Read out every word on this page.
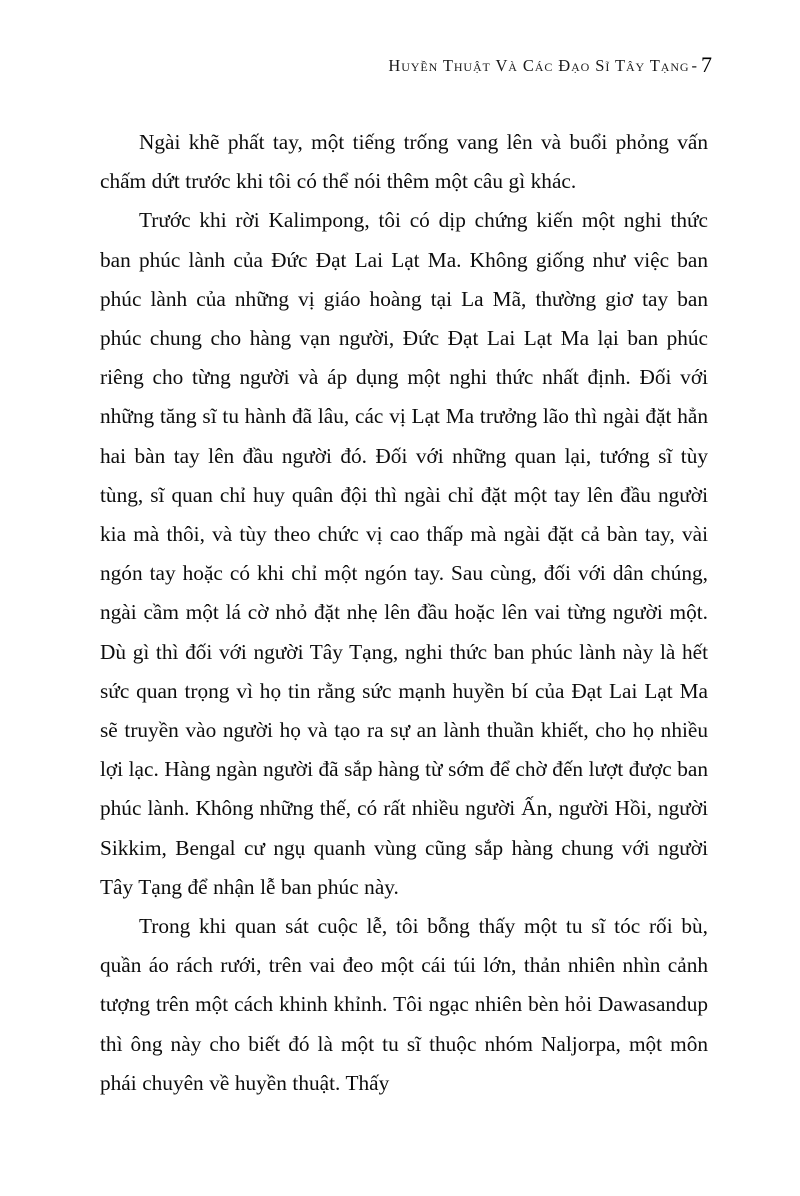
Huyền Thuật Và Các Đạo Sĩ Tây Tạng - 7

Ngài khẽ phất tay, một tiếng trống vang lên và buổi phỏng vấn chấm dứt trước khi tôi có thể nói thêm một câu gì khác.

Trước khi rời Kalimpong, tôi có dịp chứng kiến một nghi thức ban phúc lành của Đức Đạt Lai Lạt Ma. Không giống như việc ban phúc lành của những vị giáo hoàng tại La Mã, thường giơ tay ban phúc chung cho hàng vạn người, Đức Đạt Lai Lạt Ma lại ban phúc riêng cho từng người và áp dụng một nghi thức nhất định. Đối với những tăng sĩ tu hành đã lâu, các vị Lạt Ma trưởng lão thì ngài đặt hẳn hai bàn tay lên đầu người đó. Đối với những quan lại, tướng sĩ tùy tùng, sĩ quan chỉ huy quân đội thì ngài chỉ đặt một tay lên đầu người kia mà thôi, và tùy theo chức vị cao thấp mà ngài đặt cả bàn tay, vài ngón tay hoặc có khi chỉ một ngón tay. Sau cùng, đối với dân chúng, ngài cầm một lá cờ nhỏ đặt nhẹ lên đầu hoặc lên vai từng người một. Dù gì thì đối với người Tây Tạng, nghi thức ban phúc lành này là hết sức quan trọng vì họ tin rằng sức mạnh huyền bí của Đạt Lai Lạt Ma sẽ truyền vào người họ và tạo ra sự an lành thuần khiết, cho họ nhiều lợi lạc. Hàng ngàn người đã sắp hàng từ sớm để chờ đến lượt được ban phúc lành. Không những thế, có rất nhiều người Ấn, người Hồi, người Sikkim, Bengal cư ngụ quanh vùng cũng sắp hàng chung với người Tây Tạng để nhận lễ ban phúc này.

Trong khi quan sát cuộc lễ, tôi bỗng thấy một tu sĩ tóc rối bù, quần áo rách rưới, trên vai đeo một cái túi lớn, thản nhiên nhìn cảnh tượng trên một cách khinh khỉnh. Tôi ngạc nhiên bèn hỏi Dawasandup thì ông này cho biết đó là một tu sĩ thuộc nhóm Naljorpa, một môn phái chuyên về huyền thuật. Thấy
